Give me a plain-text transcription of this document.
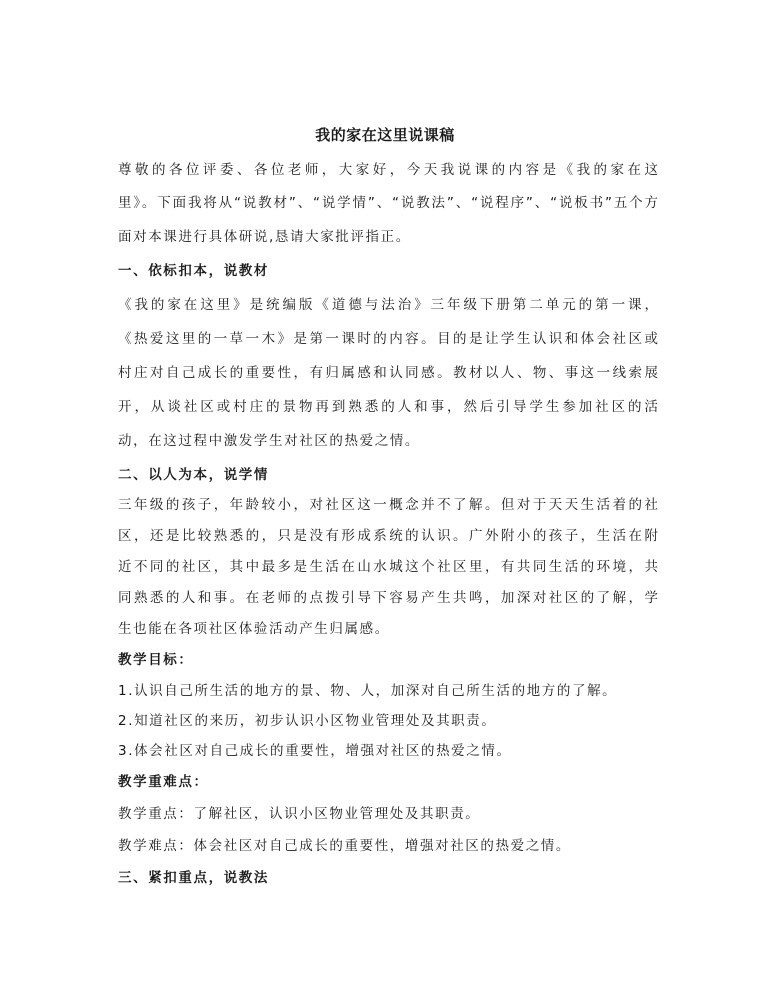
我的家在这里说课稿
尊敬的各位评委、各位老师，大家好，今天我说课的内容是《我的家在这
里》。下面我将从“说教材”、“说学情”、“说教法”、“说程序”、“说板书”五个方
面对本课进行具体研说,恳请大家批评指正。
一、依标扣本，说教材
《我的家在这里》是统编版《道德与法治》三年级下册第二单元的第一课，
《热爱这里的一草一木》是第一课时的内容。目的是让学生认识和体会社区或
村庄对自己成长的重要性，有归属感和认同感。教材以人、物、事这一线索展
开，从谈社区或村庄的景物再到熟悉的人和事，然后引导学生参加社区的活
动，在这过程中激发学生对社区的热爱之情。
二、以人为本，说学情
三年级的孩子，年龄较小，对社区这一概念并不了解。但对于天天生活着的社
区，还是比较熟悉的，只是没有形成系统的认识。广外附小的孩子，生活在附
近不同的社区，其中最多是生活在山水城这个社区里，有共同生活的环境，共
同熟悉的人和事。在老师的点拨引导下容易产生共鸣，加深对社区的了解，学
生也能在各项社区体验活动产生归属感。
教学目标：
1.认识自己所生活的地方的景、物、人，加深对自己所生活的地方的了解。
2.知道社区的来历，初步认识小区物业管理处及其职责。
3.体会社区对自己成长的重要性，增强对社区的热爱之情。
教学重难点：
教学重点：了解社区，认识小区物业管理处及其职责。
教学难点：体会社区对自己成长的重要性，增强对社区的热爱之情。
三、紧扣重点，说教法
